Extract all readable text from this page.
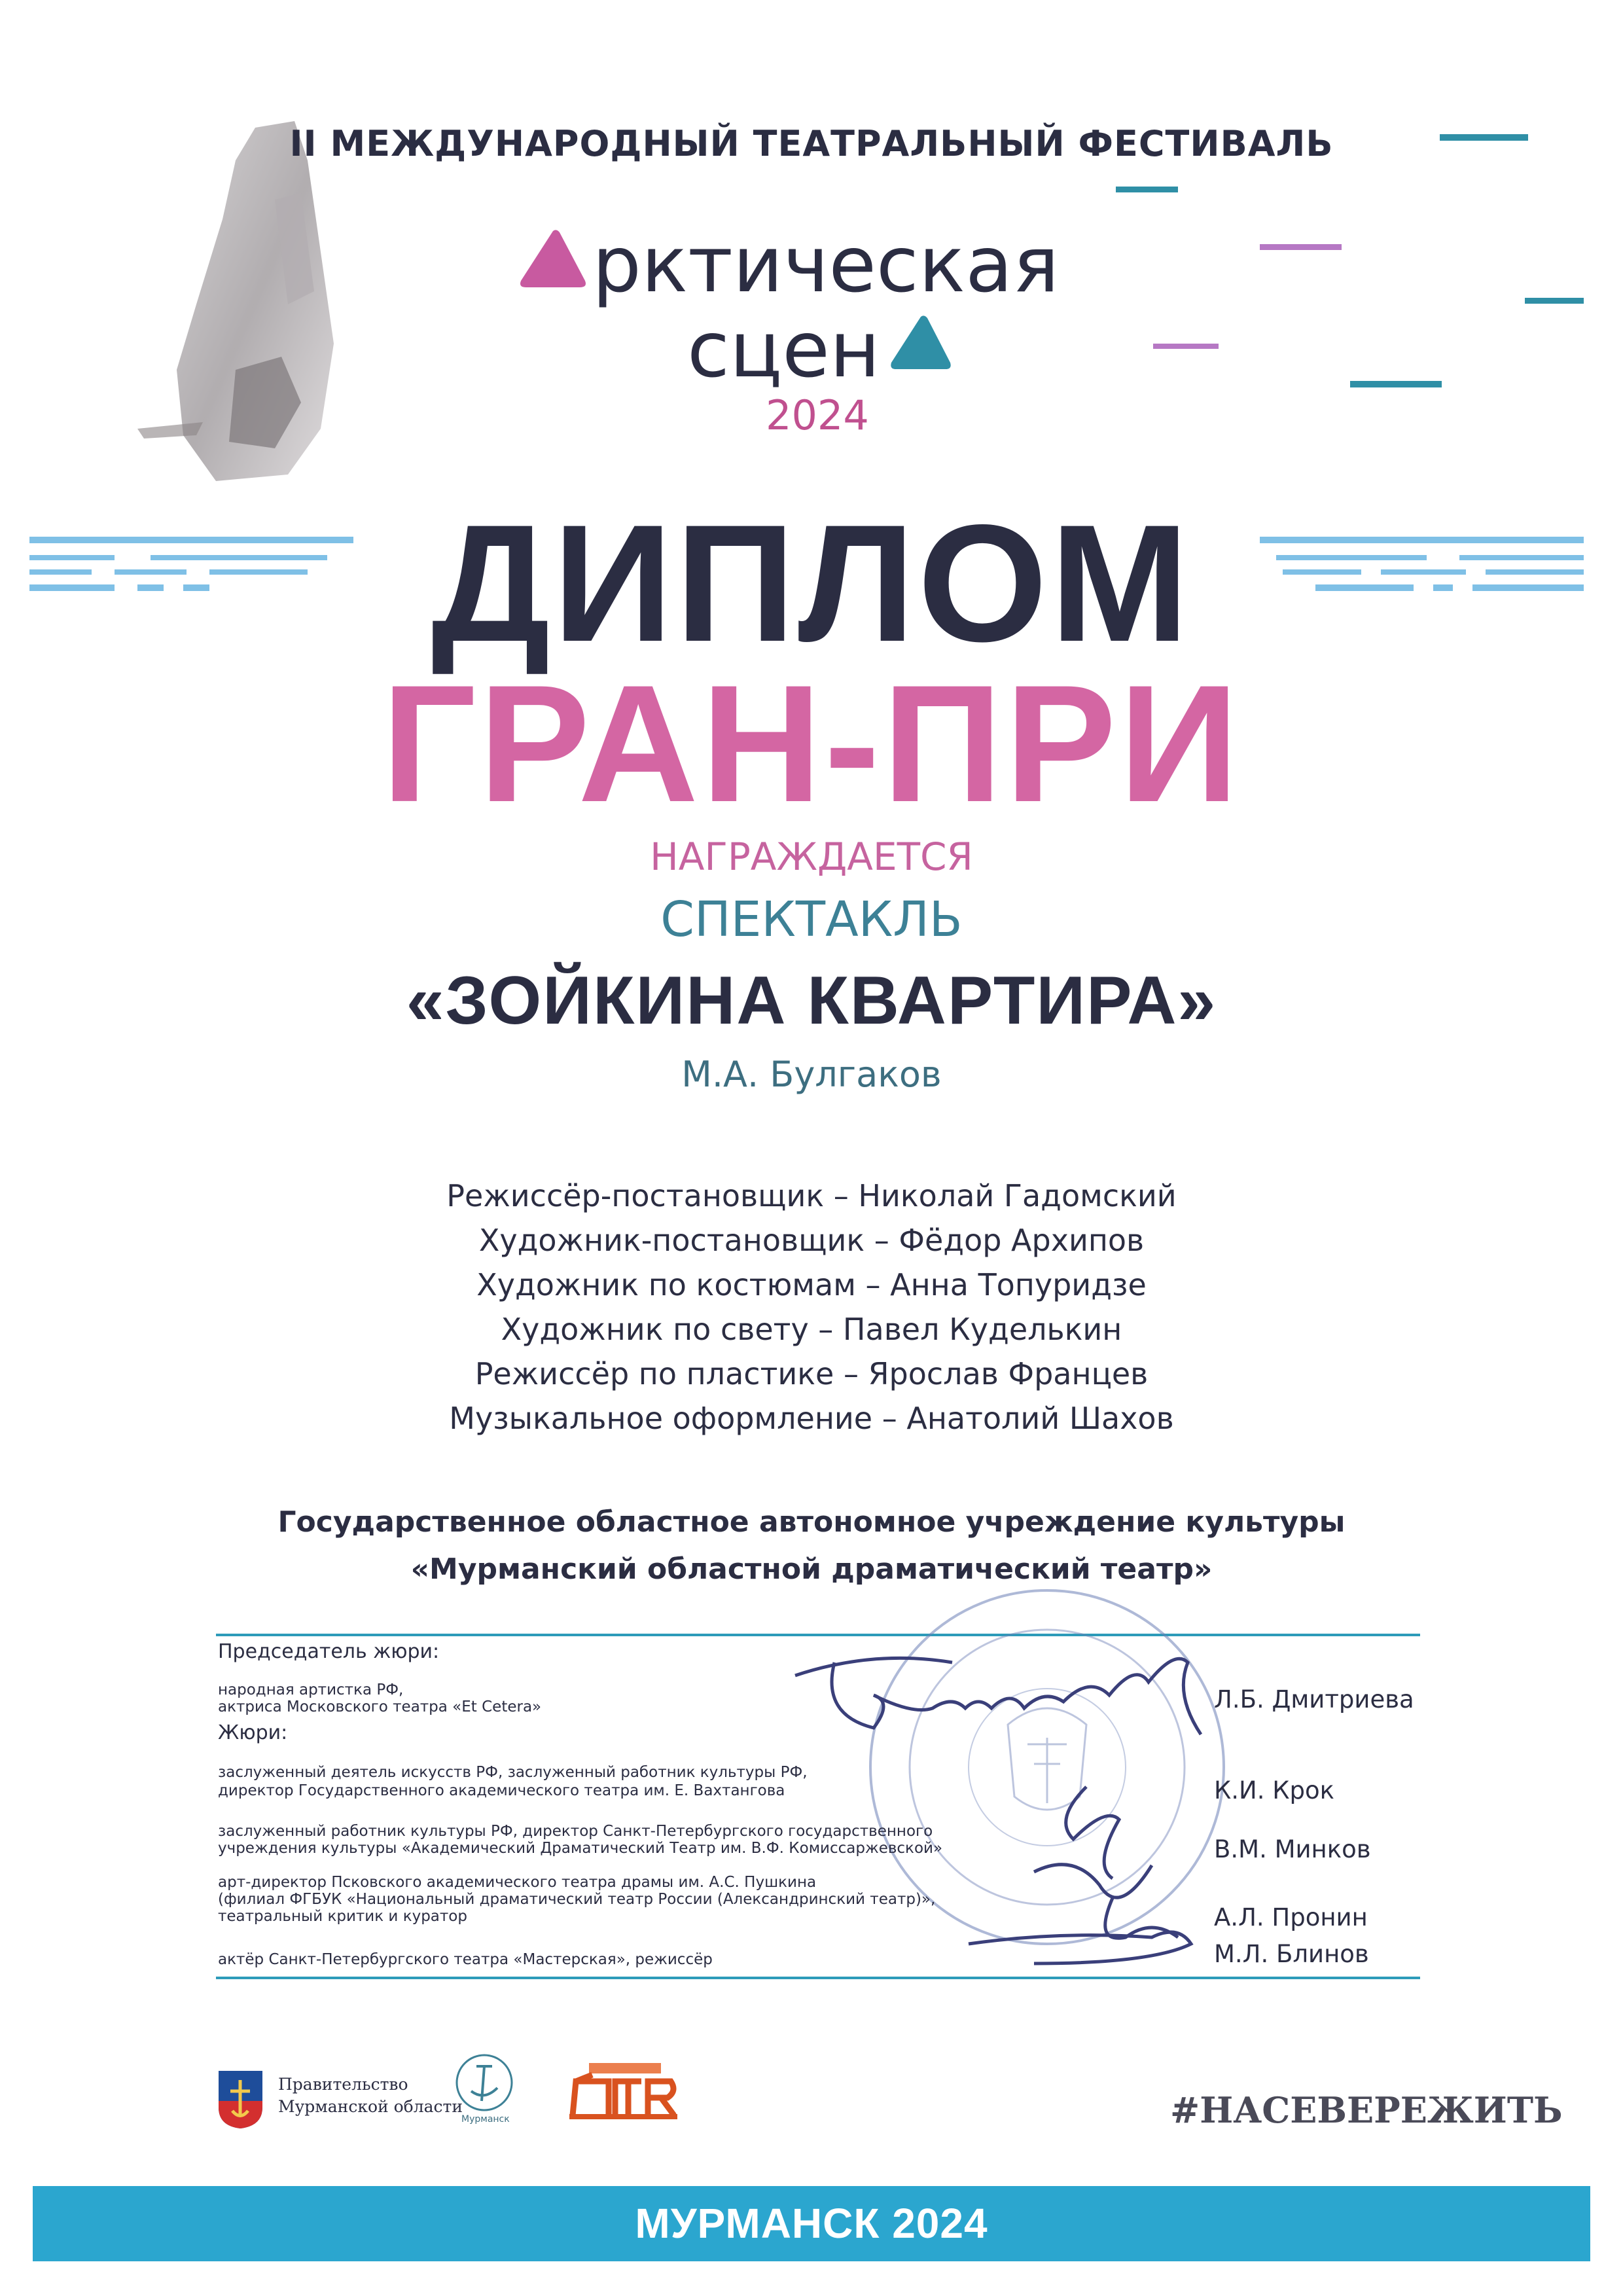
II МЕЖДУНАРОДНЫЙ ТЕАТРАЛЬНЫЙ ФЕСТИВАЛЬ
рктическая
сцен
2024
ДИПЛОМ
ГРАН-ПРИ
НАГРАЖДАЕТСЯ
СПЕКТАКЛЬ
«ЗОЙКИНА КВАРТИРА»
М.А. Булгаков
Режиссёр-постановщик – Николай Гадомский
Художник-постановщик – Фёдор Архипов
Художник по костюмам – Анна Топуридзе
Художник по свету – Павел Куделькин
Режиссёр по пластике – Ярослав Францев
Музыкальное оформление – Анатолий Шахов
Государственное областное автономное учреждение культуры
«Мурманский областной драматический театр»
Председатель жюри:
народная артистка РФ,
актриса Московского театра «Et Cetera»	Л.Б. Дмитриева
Жюри:
заслуженный деятель искусств РФ, заслуженный работник культуры РФ,
директор Государственного академического театра им. Е. Вахтангова	К.И. Крок
заслуженный работник культуры РФ, директор Санкт-Петербургского государственного
учреждения культуры «Академический Драматический Театр им. В.Ф. Комиссаржевской»	В.М. Минков
арт-директор Псковского академического театра драмы им. А.С. Пушкина
(филиал ФГБУК «Национальный драматический театр России (Александринский театр)»,
театральный критик и куратор	А.Л. Пронин
актёр Санкт-Петербургского театра «Мастерская», режиссёр	М.Л. Блинов
Правительство
Мурманской области
Мурманск	#НАСЕВЕРЕЖИТЬ
МУРМАНСК 2024
